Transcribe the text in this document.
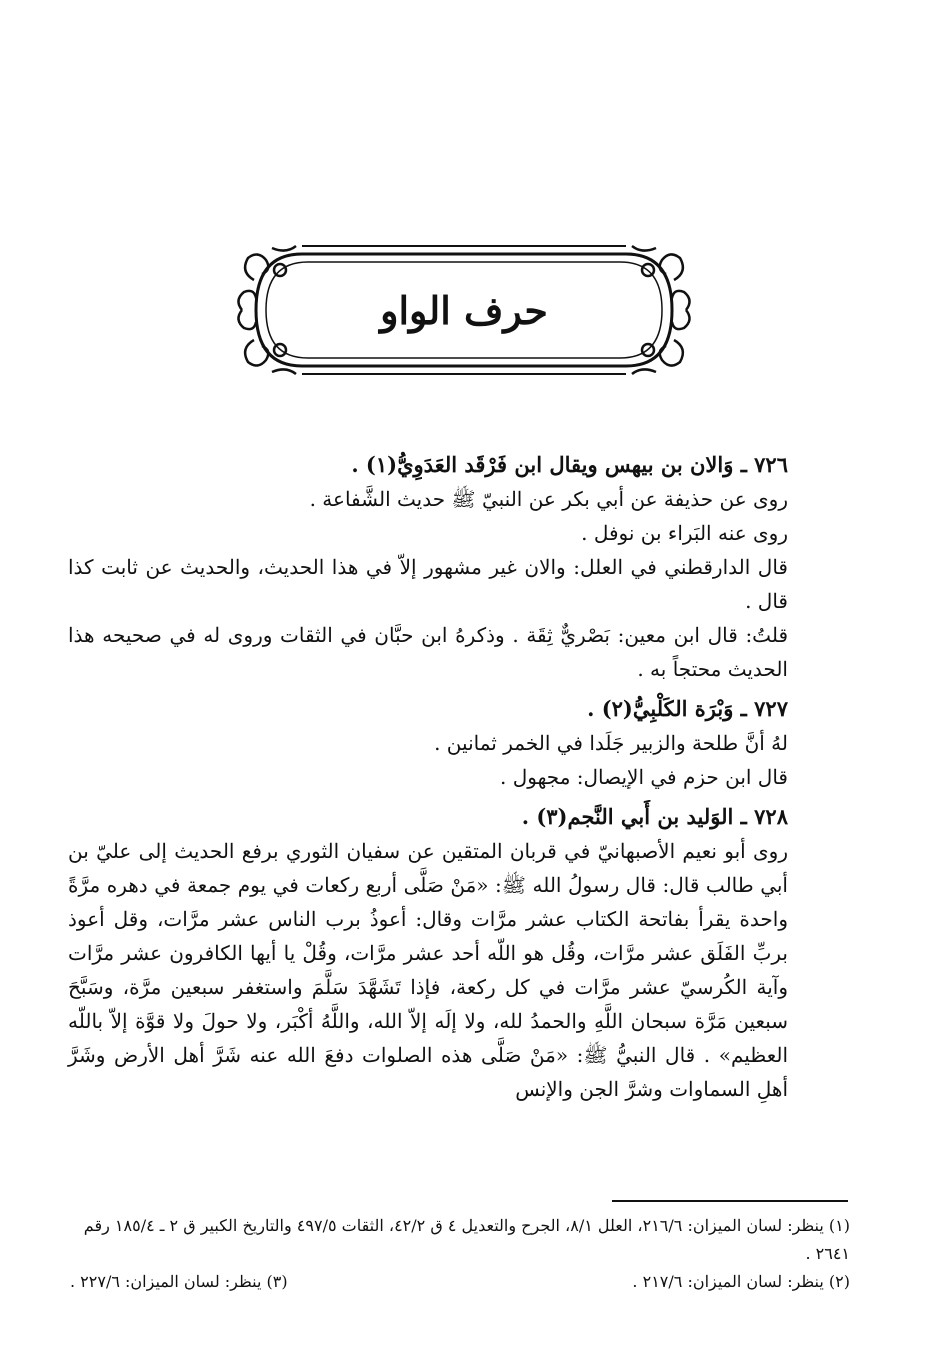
حرف الواو
٧٢٦ ـ وَالان بن بيهس ويقال ابن فَرْقَد العَدَوِيُّ(١) .
روى عن حذيفة عن أبي بكر عن النبيّ ﷺ حديث الشَّفاعة .
روى عنه البَراء بن نوفل .
قال الدارقطني في العلل: والان غير مشهور إلاّ في هذا الحديث، والحديث عن ثابت كذا قال .
قلتُ: قال ابن معين: بَصْريٌّ ثِقَة . وذكرهُ ابن حبَّان في الثقات وروى له في صحيحه هذا الحديث محتجاً به .
٧٢٧ ـ وَبْرَة الكَلْبِيُّ(٢) .
لهُ أنَّ طلحة والزبير جَلَدا في الخمر ثمانين .
قال ابن حزم في الإيصال: مجهول .
٧٢٨ ـ الوَليد بن أَبي النَّجم(٣) .
روى أبو نعيم الأصبهانيّ في قربان المتقين عن سفيان الثوري برفع الحديث إلى عليّ بن أبي طالب قال: قال رسولُ الله ﷺ: «مَنْ صَلَّى أربع ركعات في يوم جمعة في دهره مرَّةً واحدة يقرأ بفاتحة الكتاب عشر مرَّات وقال: أعوذُ برب الناس عشر مرَّات، وقل أعوذ بربِّ الفَلَق عشر مرَّات، وقُل هو اللّه أحد عشر مرَّات، وقُلْ يا أيها الكافرون عشر مرَّات وآية الكُرسيّ عشر مرَّات في كل ركعة، فإذا تَشَهَّدَ سَلَّمَ واستغفر سبعين مرَّة، وسَبَّحَ سبعين مَرَّة سبحان اللَّهِ والحمدُ لله، ولا إلَه إلاّ الله، واللَّهُ أكْبَر، ولا حولَ ولا قوَّة إلاّ باللّه العظيم» . قال النبيُّ ﷺ: «مَنْ صَلَّى هذه الصلوات دفعَ الله عنه شَرَّ أهل الأرض وشَرَّ أهلِ السماوات وشرَّ الجن والإنس
(١) ينظر: لسان الميزان: ٢١٦/٦، العلل ٨/١، الجرح والتعديل ٤ ق ٤٢/٢، الثقات ٤٩٧/٥ والتاريخ الكبير ق ٢ ـ ١٨٥/٤ رقم ٢٦٤١ .
(٢) ينظر: لسان الميزان: ٢١٧/٦ .
(٣) ينظر: لسان الميزان: ٢٢٧/٦ .
